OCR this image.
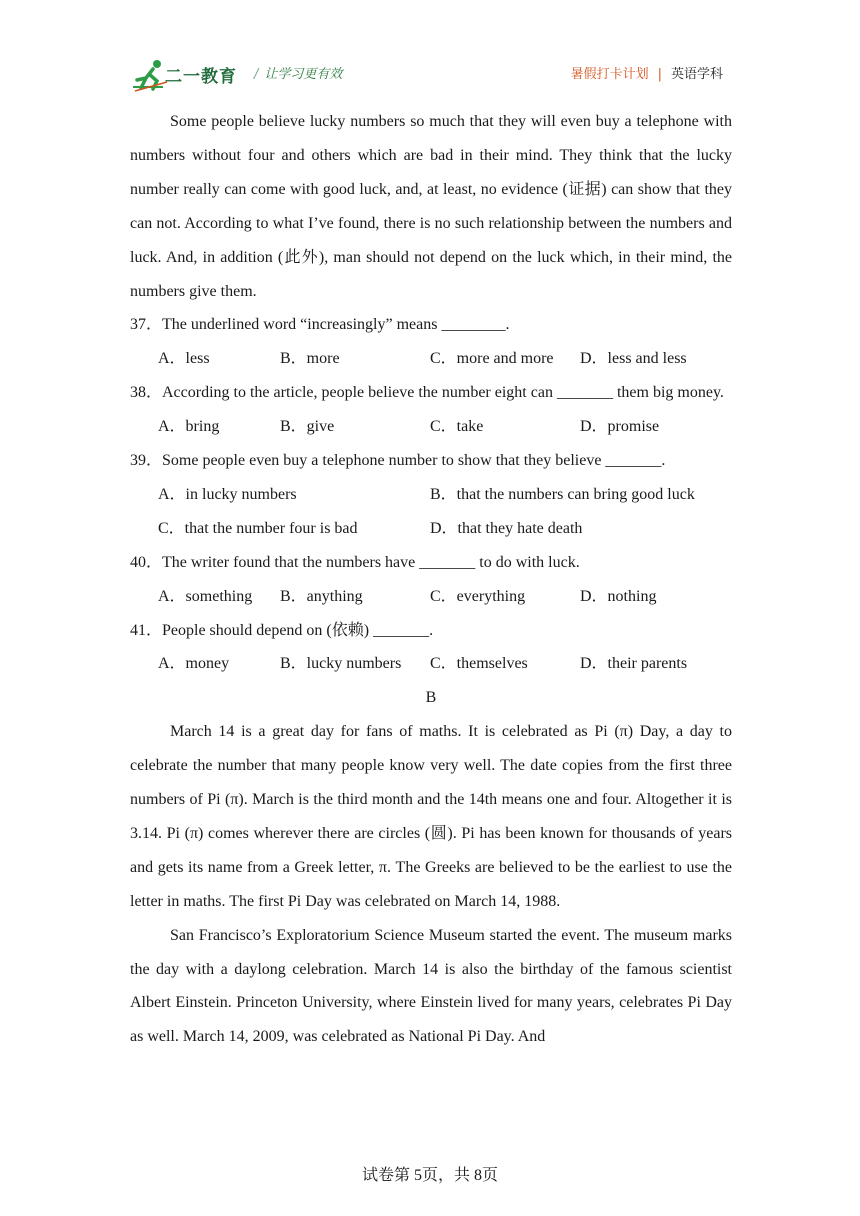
二一教育 / 让学习更有效	暑假打卡计划 | 英语学科

Some people believe lucky numbers so much that they will even buy a telephone with numbers without four and others which are bad in their mind. They think that the lucky number really can come with good luck, and, at least, no evidence (证据) can show that they can not. According to what I’ve found, there is no such relationship between the numbers and luck. And, in addition (此外), man should not depend on the luck which, in their mind, the numbers give them.

37．The underlined word “increasingly” means ________.

A．less	B．more	C．more and more D．less and less

38．According to the article, people believe the number eight can _______ them big money.

A．bring	B．give	C．take	D．promise

39．Some people even buy a telephone number to show that they believe _______.

A．in lucky numbers	B．that the numbers can bring good luck
C．that the number four is bad	D．that they hate death

40．The writer found that the numbers have _______ to do with luck.

A．something B．anything	C．everything	D．nothing

41．People should depend on (依赖) _______.

A．money	B．lucky numbers C．themselves	D．their parents
B

March 14 is a great day for fans of maths. It is celebrated as Pi (π) Day, a day to celebrate the number that many people know very well. The date copies from the first three numbers of Pi (π). March is the third month and the 14th means one and four. Altogether it is 3.14. Pi (π) comes wherever there are circles (圆). Pi has been known for thousands of years and gets its name from a Greek letter, π. The Greeks are believed to be the earliest to use the letter in maths. The first Pi Day was celebrated on March 14, 1988.

San Francisco’s Exploratorium Science Museum started the event. The museum marks the day with a daylong celebration. March 14 is also the birthday of the famous scientist Albert Einstein. Princeton University, where Einstein lived for many years, celebrates Pi Day as well. March 14, 2009, was celebrated as National Pi Day. And

试卷第 5页，共 8页
